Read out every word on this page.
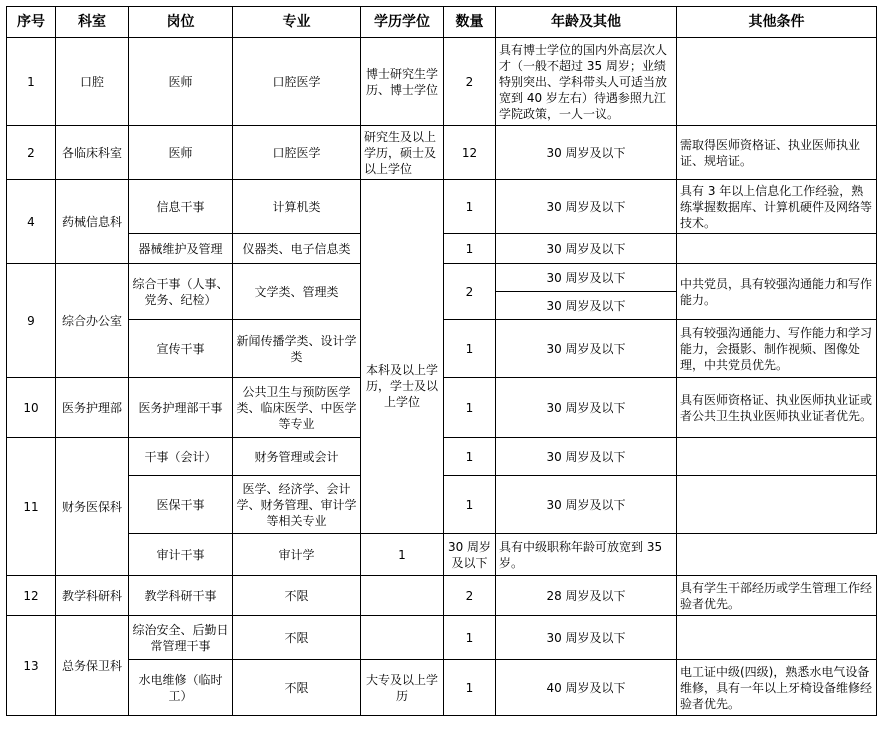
序号	科室	岗位	专业	学历学位	数量	年龄及其他	其他条件
1	口腔	医师	口腔医学	博士研究生学历、博士学位	2	具有博士学位的国内外高层次人才（一般不超过 35 周岁；业绩特别突出、学科带头人可适当放宽到 40 岁左右）待遇参照九江学院政策，一人一议。	
2	各临床科室	医师	口腔医学	研究生及以上学历，硕士及以上学位	12	30 周岁及以下	需取得医师资格证、执业医师执业证、规培证。
4	药械信息科	信息干事	计算机类	本科及以上学历，学士及以上学位	1	30 周岁及以下	具有 3 年以上信息化工作经验，熟练掌握数据库、计算机硬件及网络等技术。
		器械维护及管理	仪器类、电子信息类		1	30 周岁及以下	
9	综合办公室	综合干事（人事、党务、纪检）	文学类、管理类		2	30 周岁及以下	中共党员，具有较强沟通能力和写作能力。
						30 周岁及以下	
		宣传干事	新闻传播学类、设计学类		1	30 周岁及以下	具有较强沟通能力、写作能力和学习能力，会摄影、制作视频、图像处理，中共党员优先。
10	医务护理部	医务护理部干事	公共卫生与预防医学类、临床医学、中医学等专业		1	30 周岁及以下	具有医师资格证、执业医师执业证或者公共卫生执业医师执业证者优先。
11	财务医保科	干事（会计）	财务管理或会计		1	30 周岁及以下	
		医保干事	医学、经济学、会计学、财务管理、审计学等相关专业		1	30 周岁及以下	
		审计干事	审计学	1	30 周岁及以下	具有中级职称年龄可放宽到 35 岁。	
12	教学科研科	教学科研干事	不限		2	28 周岁及以下	具有学生干部经历或学生管理工作经验者优先。
13	总务保卫科	综治安全、后勤日常管理干事	不限		1	30 周岁及以下	
		水电维修（临时工）	不限	大专及以上学历	1	40 周岁及以下	电工证中级(四级)，熟悉水电气设备维修，具有一年以上牙椅设备维修经验者优先。
